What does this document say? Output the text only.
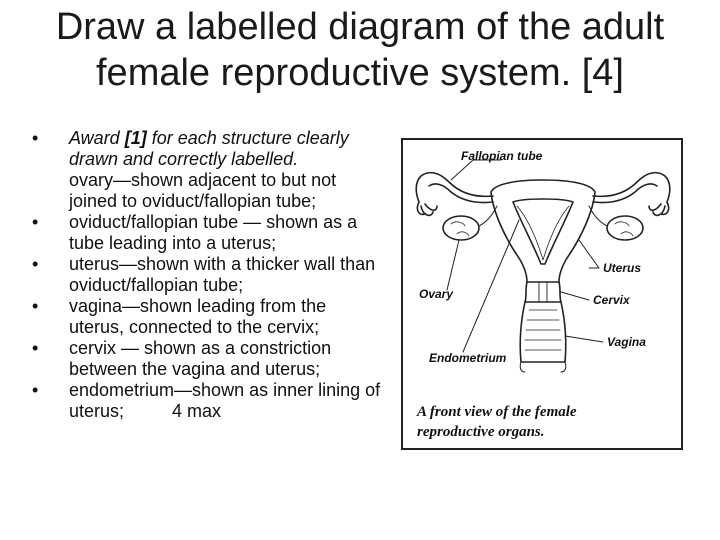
Draw a labelled diagram of the adult
female reproductive system. [4]
• Award [1] for each structure clearly drawn and correctly labelled.
ovary—shown adjacent to but not joined to oviduct/fallopian tube;
• oviduct/fallopian tube — shown as a tube leading into a uterus;
• uterus—shown with a thicker wall than oviduct/fallopian tube;
• vagina—shown leading from the uterus, connected to the cervix;
• cervix — shown as a constriction between the vagina and uterus;
• endometrium—shown as inner lining of uterus;	4 max
Fallopian tube
Uterus
Ovary	Cervix
Endometrium
Vagina
A front view of the female
reproductive organs.
